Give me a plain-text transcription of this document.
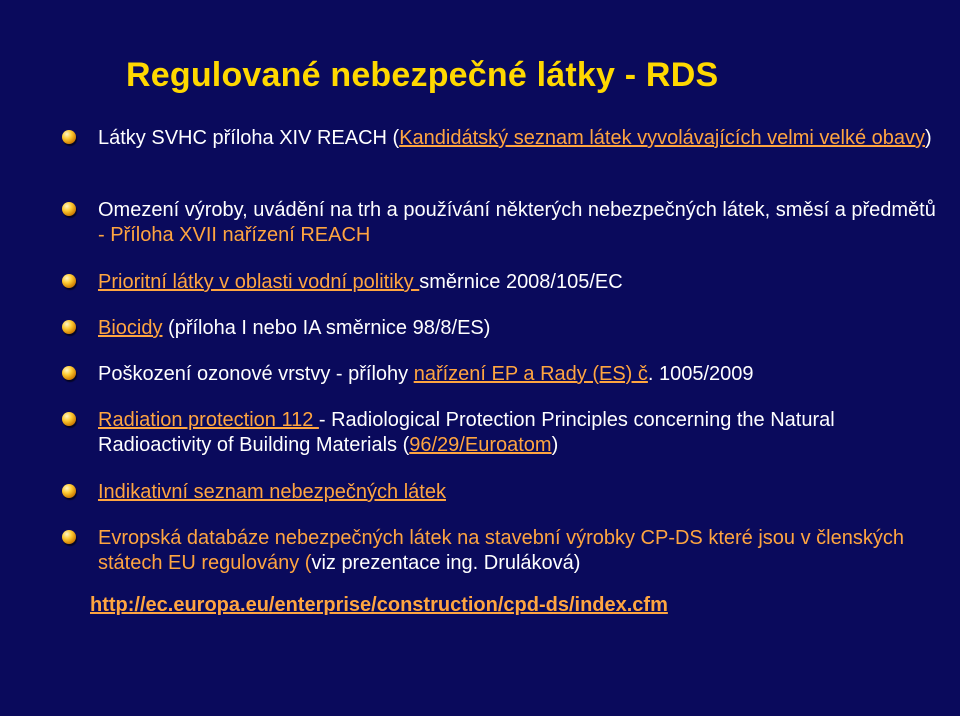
Regulované nebezpečné látky - RDS
Látky SVHC příloha XIV REACH (Kandidátský seznam látek vyvolávajících velmi velké obavy)
Omezení výroby, uvádění na trh a používání některých nebezpečných látek, směsí a předmětů - Příloha XVII nařízení REACH
Prioritní látky v oblasti vodní politiky směrnice 2008/105/EC
Biocidy (příloha I nebo IA směrnice 98/8/ES)
Poškození ozonové vrstvy - přílohy nařízení EP a Rady (ES) č. 1005/2009
Radiation protection 112 - Radiological Protection Principles concerning the Natural Radioactivity of Building Materials (96/29/Euroatom)
Indikativní seznam nebezpečných látek
Evropská databáze nebezpečných látek na stavební výrobky CP-DS které jsou v členských státech EU regulovány (viz prezentace ing. Druláková)
http://ec.europa.eu/enterprise/construction/cpd-ds/index.cfm
